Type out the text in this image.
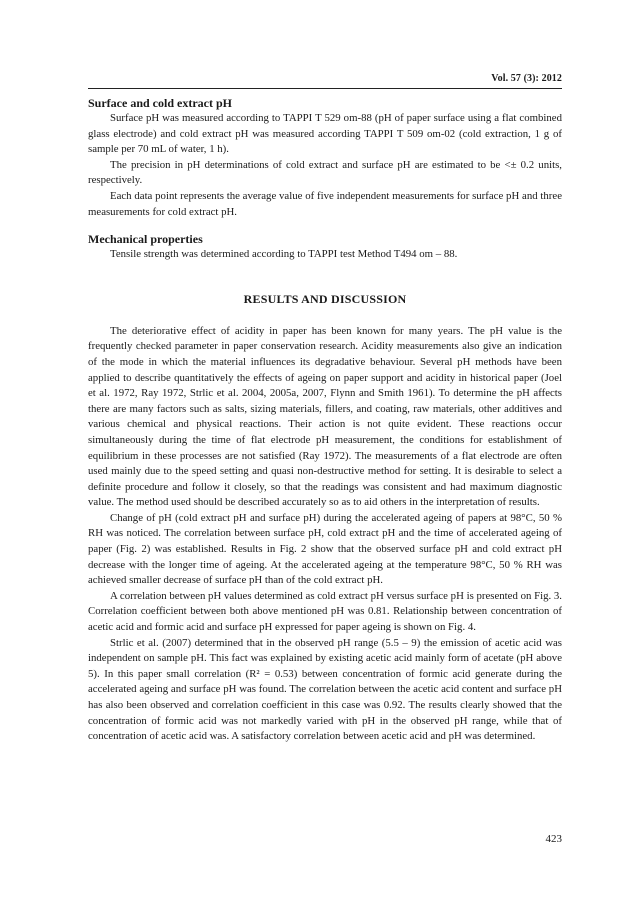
Vol. 57 (3): 2012
Surface and cold extract pH

Surface pH was measured according to TAPPI T 529 om-88 (pH of paper surface using a flat combined glass electrode) and cold extract pH was measured according TAPPI T 509 om-02 (cold extraction, 1 g of sample per 70 mL of water, 1 h).

The precision in pH determinations of cold extract and surface pH are estimated to be <± 0.2 units, respectively.

Each data point represents the average value of five independent measurements for surface pH and three measurements for cold extract pH.

Mechanical properties

Tensile strength was determined according to TAPPI test Method T494 om – 88.

RESULTS AND DISCUSSION

The deteriorative effect of acidity in paper has been known for many years. The pH value is the frequently checked parameter in paper conservation research. Acidity measurements also give an indication of the mode in which the material influences its degradative behaviour. Several pH methods have been applied to describe quantitatively the effects of ageing on paper support and acidity in historical paper (Joel et al. 1972, Ray 1972, Strlic et al. 2004, 2005a, 2007, Flynn and Smith 1961). To determine the pH affects there are many factors such as salts, sizing materials, fillers, and coating, raw materials, other additives and various chemical and physical reactions. Their action is not quite evident. These reactions occur simultaneously during the time of flat electrode pH measurement, the conditions for establishment of equilibrium in these processes are not satisfied (Ray 1972). The measurements of a flat electrode are often used mainly due to the speed setting and quasi non-destructive method for setting. It is desirable to select a definite procedure and follow it closely, so that the readings was consistent and had maximum diagnostic value. The method used should be described accurately so as to aid others in the interpretation of results.

Change of pH (cold extract pH and surface pH) during the accelerated ageing of papers at 98°C, 50 % RH was noticed. The correlation between surface pH, cold extract pH and the time of accelerated ageing of paper (Fig. 2) was established. Results in Fig. 2 show that the observed surface pH and cold extract pH decrease with the longer time of ageing. At the accelerated ageing at the temperature 98°C, 50 % RH was achieved smaller decrease of surface pH than of the cold extract pH.

A correlation between pH values determined as cold extract pH versus surface pH is presented on Fig. 3. Correlation coefficient between both above mentioned pH was 0.81. Relationship between concentration of acetic acid and formic acid and surface pH expressed for paper ageing is shown on Fig. 4.

Strlic et al. (2007) determined that in the observed pH range (5.5 – 9) the emission of acetic acid was independent on sample pH. This fact was explained by existing acetic acid mainly form of acetate (pH above 5). In this paper small correlation (R² = 0.53) between concentration of formic acid generate during the accelerated ageing and surface pH was found. The correlation between the acetic acid content and surface pH has also been observed and correlation coefficient in this case was 0.92. The results clearly showed that the concentration of formic acid was not markedly varied with pH in the observed pH range, while that of concentration of acetic acid was. A satisfactory correlation between acetic acid and pH was determined.

423
